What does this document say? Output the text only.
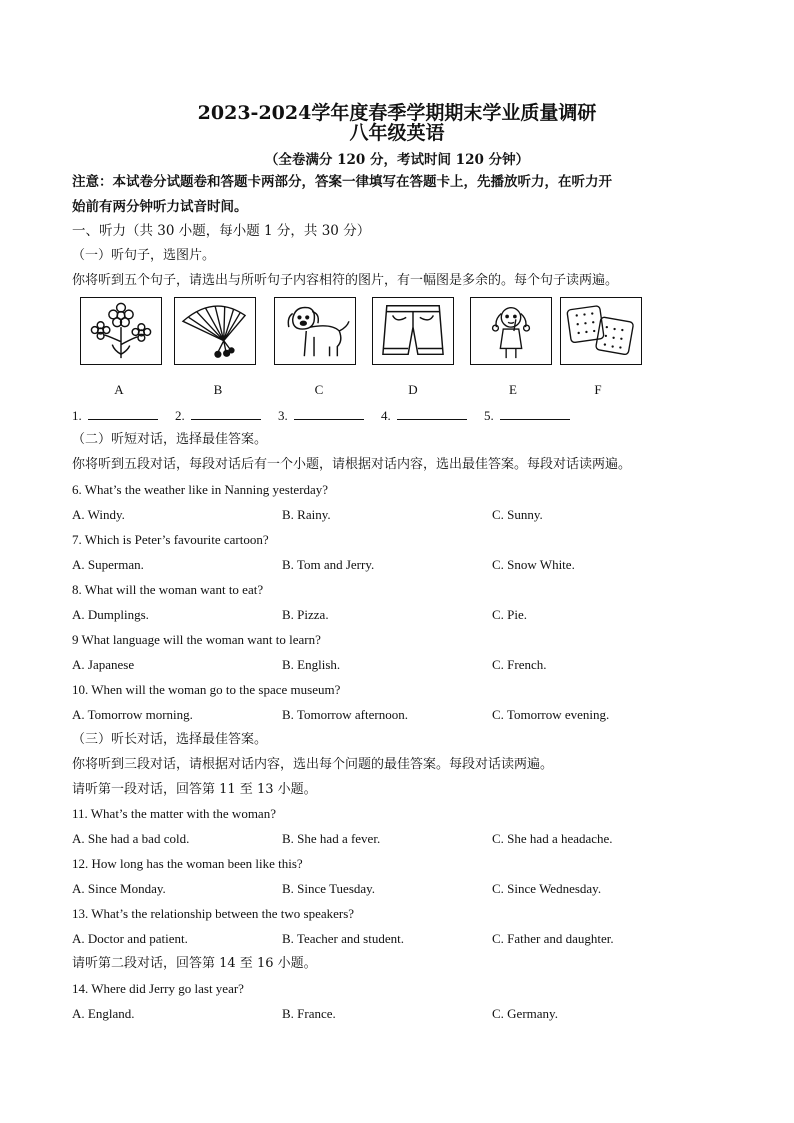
2023-2024学年度春季学期期末学业质量调研
八年级英语
（全卷满分 120 分，考试时间 120 分钟）
注意：本试卷分试题卷和答题卡两部分，答案一律填写在答题卡上，先播放听力，在听力开
始前有两分钟听力试音时间。
一、听力（共 30 小题，每小题 1 分，共 30 分）
（一）听句子，选图片。
你将听到五个句子，请选出与所听句子内容相符的图片，有一幅图是多余的。每个句子读两遍。
A	B	C	D	E	F
1.	2.	3.	4.	5.
（二）听短对话，选择最佳答案。
你将听到五段对话，每段对话后有一个小题，请根据对话内容，选出最佳答案。每段对话读两遍。
6. What’s the weather like in Nanning yesterday?
A. Windy.	B. Rainy.	C. Sunny.
7. Which is Peter’s favourite cartoon?
A. Superman.	B. Tom and Jerry.	C. Snow White.
8. What will the woman want to eat?
A. Dumplings.	B. Pizza.	C. Pie.
9 What language will the woman want to learn?
A. Japanese	B. English.	C. French.
10. When will the woman go to the space museum?
A. Tomorrow morning.	B. Tomorrow afternoon.	C. Tomorrow evening.
（三）听长对话，选择最佳答案。
你将听到三段对话，请根据对话内容，选出每个问题的最佳答案。每段对话读两遍。
请听第一段对话，回答第 11 至 13 小题。
11. What’s the matter with the woman?
A. She had a bad cold.	B. She had a fever.	C. She had a headache.
12. How long has the woman been like this?
A. Since Monday.	B. Since Tuesday.	C. Since Wednesday.
13. What’s the relationship between the two speakers?
A. Doctor and patient.	B. Teacher and student.	C. Father and daughter.
请听第二段对话，回答第 14 至 16 小题。
14. Where did Jerry go last year?
A. England.	B. France.	C. Germany.
